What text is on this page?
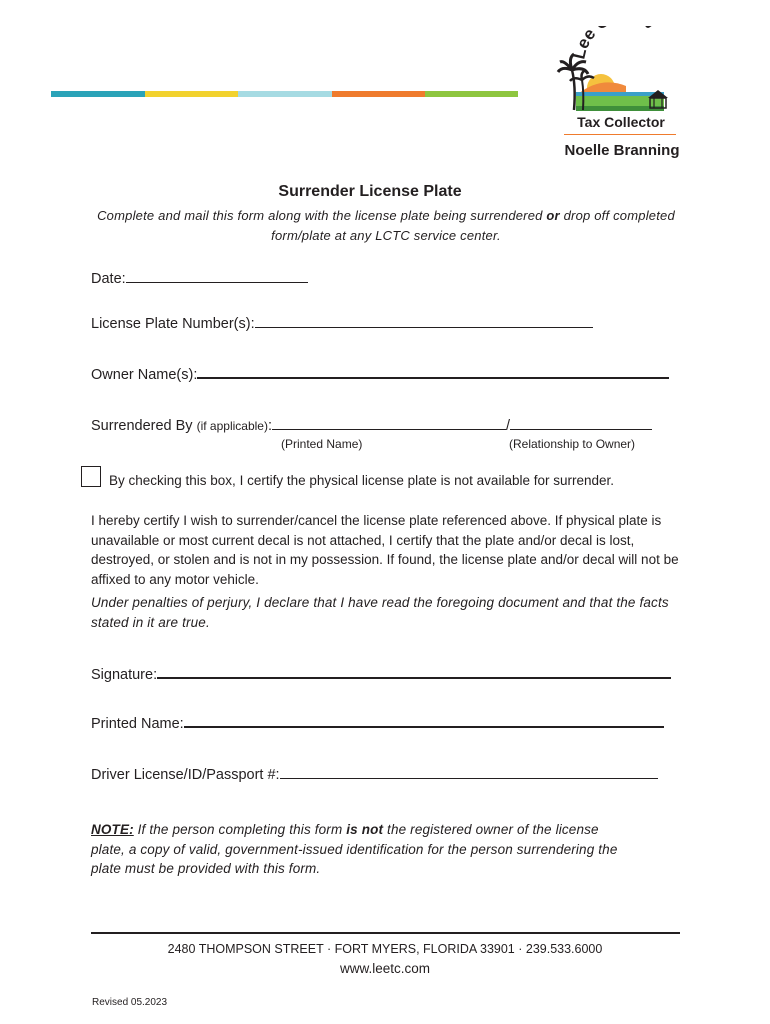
Lee
Tax Collector
Noelle Branning
Surrender License Plate
Complete and mail this form along with the license plate being surrendered or drop off completed form/plate at any LCTC service center.
Date:
License Plate Number(s):
Owner Name(s):
Surrendered By (if applicable):	/
(Printed Name)	(Relationship to Owner)
By checking this box, I certify the physical license plate is not available for surrender.
I hereby certify I wish to surrender/cancel the license plate referenced above. If physical plate is unavailable or most current decal is not attached, I certify that the plate and/or decal is lost, destroyed, or stolen and is not in my possession. If found, the license plate and/or decal will not be affixed to any motor vehicle.
Under penalties of perjury, I declare that I have read the foregoing document and that the facts stated in it are true.
Signature:
Printed Name:
Driver License/ID/Passport #:
NOTE: If the person completing this form is not the registered owner of the license plate, a copy of valid, government-issued identification for the person surrendering the plate must be provided with this form.
2480 THOMPSON STREET · FORT MYERS, FLORIDA 33901 · 239.533.6000
www.leetc.com
Revised 05.2023
